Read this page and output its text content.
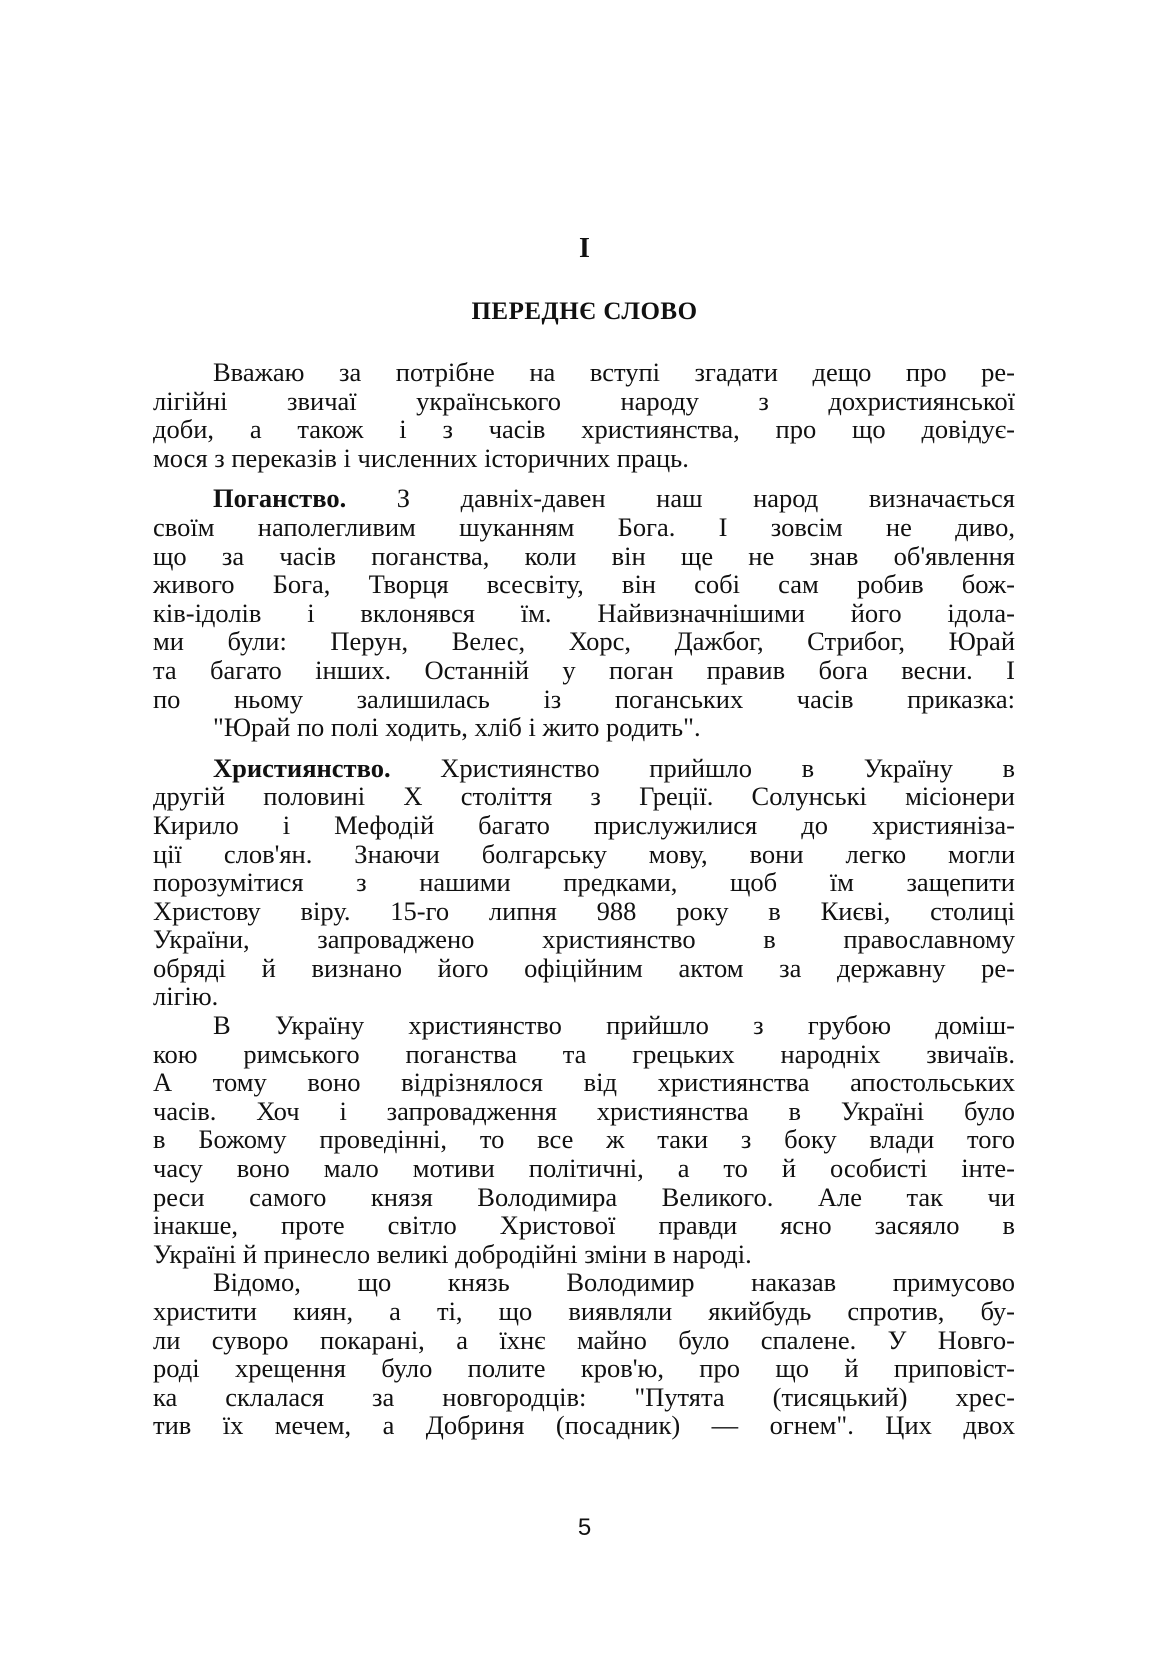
I
ПЕРЕДНЄ СЛОВО
Вважаю за потрібне на вступі згадати дещо про ре-
лігійні звичаї українського народу з дохристиянської
доби, а також і з часів християнства, про що довідує-
мося з переказів і численних історичних праць.
Поганство. З давніх-давен наш народ визначається
своїм наполегливим шуканням Бога. І зовсім не диво,
що за часів поганства, коли він ще не знав об'явлення
живого Бога, Творця всесвіту, він собі сам робив бож-
ків-ідолів і вклонявся їм. Найвизначнішими його ідола-
ми були: Перун, Велес, Хорс, Дажбог, Стрибог, Юрай
та багато інших. Останній у поган правив бога весни. І
по ньому залишилась із поганських часів приказка:
"Юрай по полі ходить, хліб і жито родить".
Християнство. Християнство прийшло в Україну в
другій половині X століття з Греції. Солунські місіонери
Кирило і Мефодій багато прислужилися до християніза-
ції слов'ян. Знаючи болгарську мову, вони легко могли
порозумітися з нашими предками, щоб їм защепити
Христову віру. 15-го липня 988 року в Києві, столиці
України, запроваджено християнство в православному
обряді й визнано його офіційним актом за державну ре-
лігію.
В Україну християнство прийшло з грубою доміш-
кою римського поганства та грецьких народніх звичаїв.
А тому воно відрізнялося від християнства апостольських
часів. Хоч і запровадження християнства в Україні було
в Божому проведінні, то все ж таки з боку влади того
часу воно мало мотиви політичні, а то й особисті інте-
реси самого князя Володимира Великого. Але так чи
інакше, проте світло Христової правди ясно засяяло в
Україні й принесло великі добродійні зміни в народі.
Відомо, що князь Володимир наказав примусово
христити киян, а ті, що виявляли якийбудь спротив, бу-
ли суворо покарані, а їхнє майно було спалене. У Новго-
роді хрещення було полите кров'ю, про що й приповіст-
ка склалася за новгородців: "Путята (тисяцький) хрес-
тив їх мечем, а Добриня (посадник) — огнем". Цих двох
5
